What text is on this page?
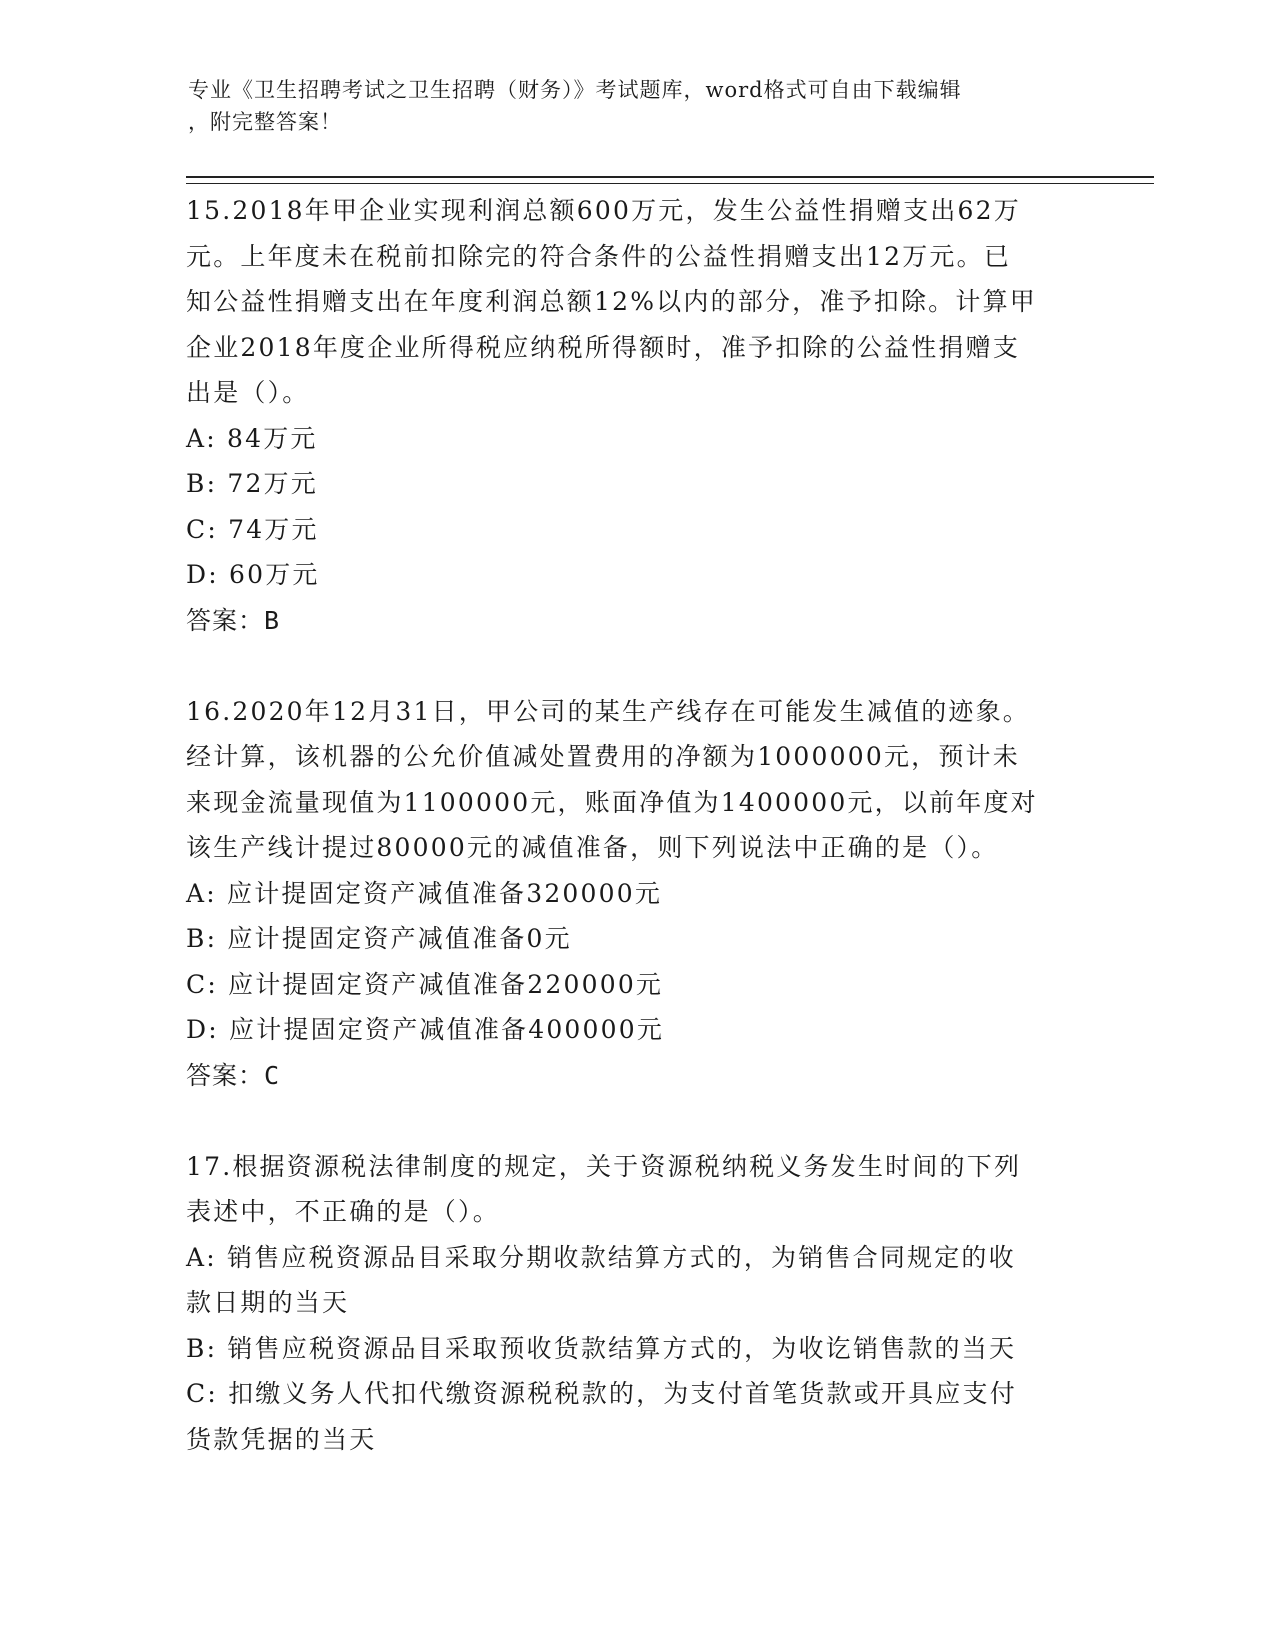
专业《卫生招聘考试之卫生招聘（财务）》考试题库，word格式可自由下载编辑
，附完整答案！

15.2018年甲企业实现利润总额600万元，发生公益性捐赠支出62万

元。上年度未在税前扣除完的符合条件的公益性捐赠支出12万元。已

知公益性捐赠支出在年度利润总额12%以内的部分，准予扣除。计算甲

企业2018年度企业所得税应纳税所得额时，准予扣除的公益性捐赠支

出是（）。

A: 84万元

B: 72万元

C: 74万元

D: 60万元

答案：B

16.2020年12月31日，甲公司的某生产线存在可能发生减值的迹象。

经计算，该机器的公允价值减处置费用的净额为1000000元，预计未

来现金流量现值为1100000元，账面净值为1400000元，以前年度对

该生产线计提过80000元的减值准备，则下列说法中正确的是（）。

A: 应计提固定资产减值准备320000元

B: 应计提固定资产减值准备0元

C: 应计提固定资产减值准备220000元

D: 应计提固定资产减值准备400000元

答案：C

17.根据资源税法律制度的规定，关于资源税纳税义务发生时间的下列

表述中，不正确的是（）。

A: 销售应税资源品目采取分期收款结算方式的，为销售合同规定的收

款日期的当天

B: 销售应税资源品目采取预收货款结算方式的，为收讫销售款的当天

C: 扣缴义务人代扣代缴资源税税款的，为支付首笔货款或开具应支付

货款凭据的当天
